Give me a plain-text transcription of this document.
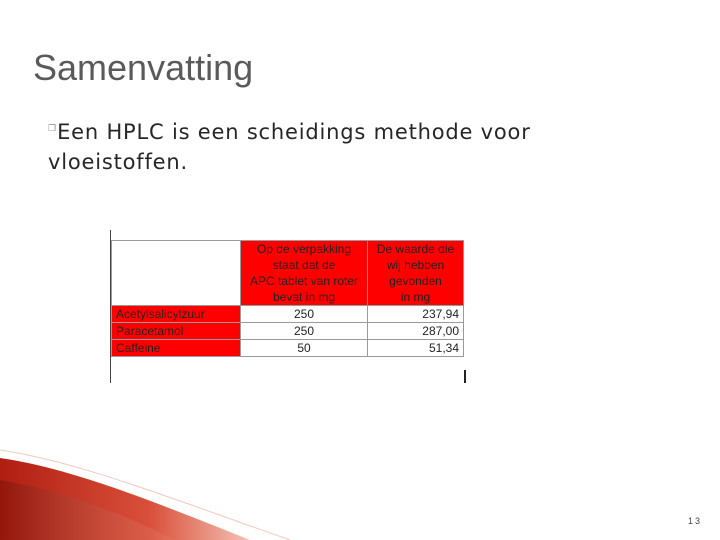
Samenvatting
❒Een HPLC is een scheidings methode voor
vloeistoffen.
	Op de verpakking
staat dat de
APC tablet van roter
bevat in mg	De waarde die
wij hebben
gevonden
in mg
Acetylsalicylzuur	250	237,94
Paracetamol	250	287,00
Caffeine	50	51,34
13
